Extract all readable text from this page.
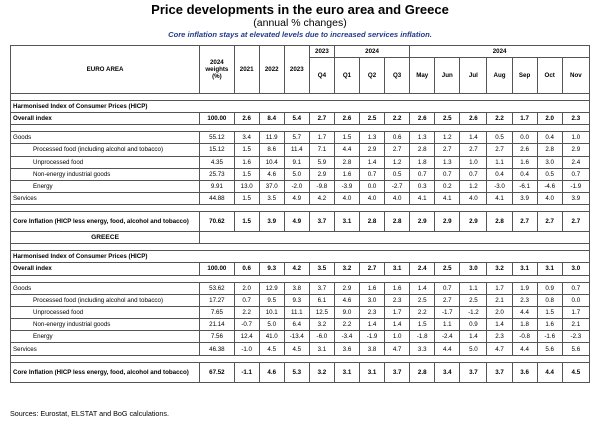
Price developments in the euro area and Greece
(annual % changes)
Core inflation stays at elevated levels due to increased services inflation.
EURO AREA	2024 weights (%)	2021	2022	2023	2023	2024			2024						
					Q4	Q1	Q2	Q3	May	Jun	Jul	Aug	Sep	Oct	Nov

Harmonised Index of Consumer Prices (HICP)															
Overall index	100.00	2.6	8.4	5.4	2.7	2.6	2.5	2.2	2.6	2.5	2.6	2.2	1.7	2.0	2.3

Goods	55.12	3.4	11.9	5.7	1.7	1.5	1.3	0.6	1.3	1.2	1.4	0.5	0.0	0.4	1.0
Processed food (including alcohol and tobacco)	15.12	1.5	8.6	11.4	7.1	4.4	2.9	2.7	2.8	2.7	2.7	2.7	2.6	2.8	2.9
Unprocessed food	4.35	1.6	10.4	9.1	5.9	2.8	1.4	1.2	1.8	1.3	1.0	1.1	1.6	3.0	2.4
Non-energy industrial goods	25.73	1.5	4.6	5.0	2.9	1.6	0.7	0.5	0.7	0.7	0.7	0.4	0.4	0.5	0.7
Energy	9.91	13.0	37.0	-2.0	-9.8	-3.9	0.0	-2.7	0.3	0.2	1.2	-3.0	-6.1	-4.6	-1.9
Services	44.88	1.5	3.5	4.9	4.2	4.0	4.0	4.0	4.1	4.1	4.0	4.1	3.9	4.0	3.9

Core Inflation (HICP less energy, food, alcohol and tobacco)	70.62	1.5	3.9	4.9	3.7	3.1	2.8	2.8	2.9	2.9	2.9	2.8	2.7	2.7	2.7
GREECE															

Harmonised Index of Consumer Prices (HICP)															
Overall index	100.00	0.6	9.3	4.2	3.5	3.2	2.7	3.1	2.4	2.5	3.0	3.2	3.1	3.1	3.0

Goods	53.62	2.0	12.9	3.8	3.7	2.9	1.6	1.6	1.4	0.7	1.1	1.7	1.9	0.9	0.7
Processed food (including alcohol and tobacco)	17.27	0.7	9.5	9.3	6.1	4.6	3.0	2.3	2.5	2.7	2.5	2.1	2.3	0.8	0.0
Unprocessed food	7.65	2.2	10.1	11.1	12.5	9.0	2.3	1.7	2.2	-1.7	-1.2	2.0	4.4	1.5	1.7
Non-energy industrial goods	21.14	-0.7	5.0	6.4	3.2	2.2	1.4	1.4	1.5	1.1	0.9	1.4	1.8	1.6	2.1
Energy	7.56	12.4	41.0	-13.4	-6.0	-3.4	-1.9	1.0	-1.8	-2.4	1.4	2.3	-0.8	-1.6	-2.3
Services	46.38	-1.0	4.5	4.5	3.1	3.6	3.8	4.7	3.3	4.4	5.0	4.7	4.4	5.6	5.6

Core Inflation (HICP less energy, food, alcohol and tobacco)	67.52	-1.1	4.6	5.3	3.2	3.1	3.1	3.7	2.8	3.4	3.7	3.7	3.6	4.4	4.5
Sources: Eurostat, ELSTAT and BoG calculations.
